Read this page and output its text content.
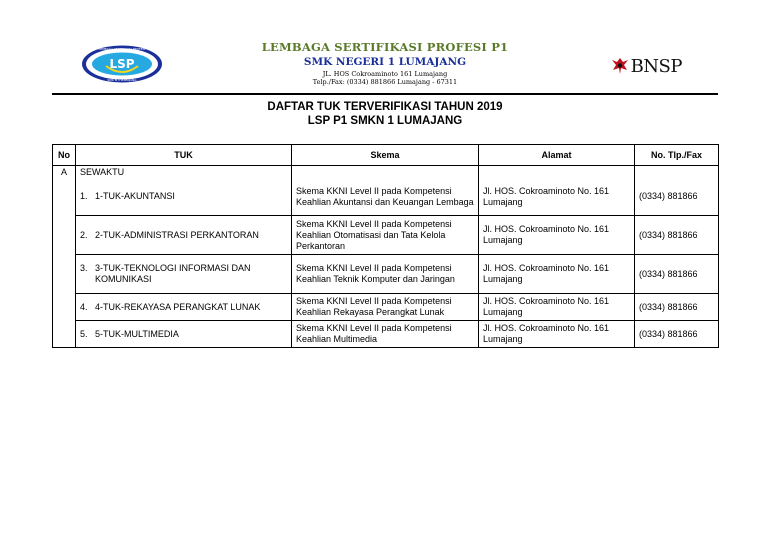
LSP
LEMBAGA SERTIFIKASI PROFESI
SMK N 1 LUMAJANG
LEMBAGA SERTIFIKASI PROFESI P1
SMK NEGERI 1 LUMAJANG
JL. HOS Cokroaminoto 161 Lumajang
Telp./Fax: (0334) 881866 Lumajang - 67311
BNSP
DAFTAR TUK TERVERIFIKASI TAHUN 2019
LSP P1 SMKN 1 LUMAJANG
No	TUK	Skema	Alamat	No. Tlp./Fax
A	SEWAKTU			

	1. 1-TUK-AKUNTANSI	Skema KKNI Level II pada Kompetensi Keahlian Akuntansi dan Keuangan Lembaga	Jl. HOS. Cokroaminoto No. 161 Lumajang	(0334) 881866

	2. 2-TUK-ADMINISTRASI PERKANTORAN	Skema KKNI Level II pada Kompetensi Keahlian Otomatisasi dan Tata Kelola Perkantoran	Jl. HOS. Cokroaminoto No. 161 Lumajang	(0334) 881866

	3. 3-TUK-TEKNOLOGI INFORMASI DAN KOMUNIKASI	Skema KKNI Level II pada Kompetensi Keahlian Teknik Komputer dan Jaringan	Jl. HOS. Cokroaminoto No. 161 Lumajang	(0334) 881866

	4. 4-TUK-REKAYASA PERANGKAT LUNAK	Skema KKNI Level II pada Kompetensi Keahlian Rekayasa Perangkat Lunak	Jl. HOS. Cokroaminoto No. 161 Lumajang	(0334) 881866

	5. 5-TUK-MULTIMEDIA	Skema KKNI Level II pada Kompetensi Keahlian Multimedia	Jl. HOS. Cokroaminoto No. 161 Lumajang	(0334) 881866
